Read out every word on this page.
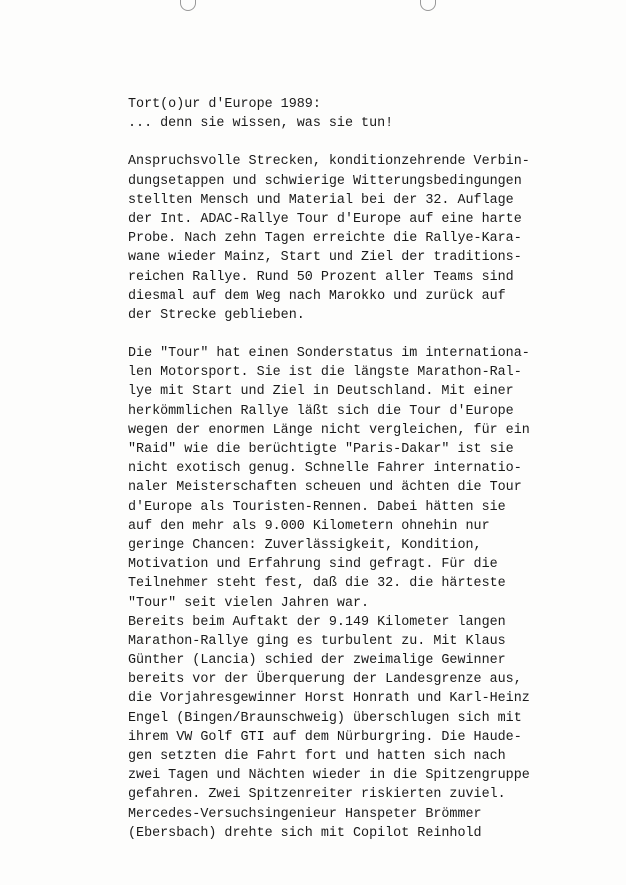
Tort(o)ur d'Europe 1989:
... denn sie wissen, was sie tun!
Anspruchsvolle Strecken, konditionzehrende Verbin-
dungsetappen und schwierige Witterungsbedingungen
stellten Mensch und Material bei der 32. Auflage
der Int. ADAC-Rallye Tour d'Europe auf eine harte
Probe. Nach zehn Tagen erreichte die Rallye-Kara-
wane wieder Mainz, Start und Ziel der traditions-
reichen Rallye. Rund 50 Prozent aller Teams sind
diesmal auf dem Weg nach Marokko und zurück auf
der Strecke geblieben.
Die "Tour" hat einen Sonderstatus im internationa-
len Motorsport. Sie ist die längste Marathon-Ral-
lye mit Start und Ziel in Deutschland. Mit einer
herkömmlichen Rallye läßt sich die Tour d'Europe
wegen der enormen Länge nicht vergleichen, für ein
"Raid" wie die berüchtigte "Paris-Dakar" ist sie
nicht exotisch genug. Schnelle Fahrer internatio-
naler Meisterschaften scheuen und ächten die Tour
d'Europe als Touristen-Rennen. Dabei hätten sie
auf den mehr als 9.000 Kilometern ohnehin nur
geringe Chancen: Zuverlässigkeit, Kondition,
Motivation und Erfahrung sind gefragt. Für die
Teilnehmer steht fest, daß die 32. die härteste
"Tour" seit vielen Jahren war.
Bereits beim Auftakt der 9.149 Kilometer langen
Marathon-Rallye ging es turbulent zu. Mit Klaus
Günther (Lancia) schied der zweimalige Gewinner
bereits vor der Überquerung der Landesgrenze aus,
die Vorjahresgewinner Horst Honrath und Karl-Heinz
Engel (Bingen/Braunschweig) überschlugen sich mit
ihrem VW Golf GTI auf dem Nürburgring. Die Haude-
gen setzten die Fahrt fort und hatten sich nach
zwei Tagen und Nächten wieder in die Spitzengruppe
gefahren. Zwei Spitzenreiter riskierten zuviel.
Mercedes-Versuchsingenieur Hanspeter Brömmer
(Ebersbach) drehte sich mit Copilot Reinhold
